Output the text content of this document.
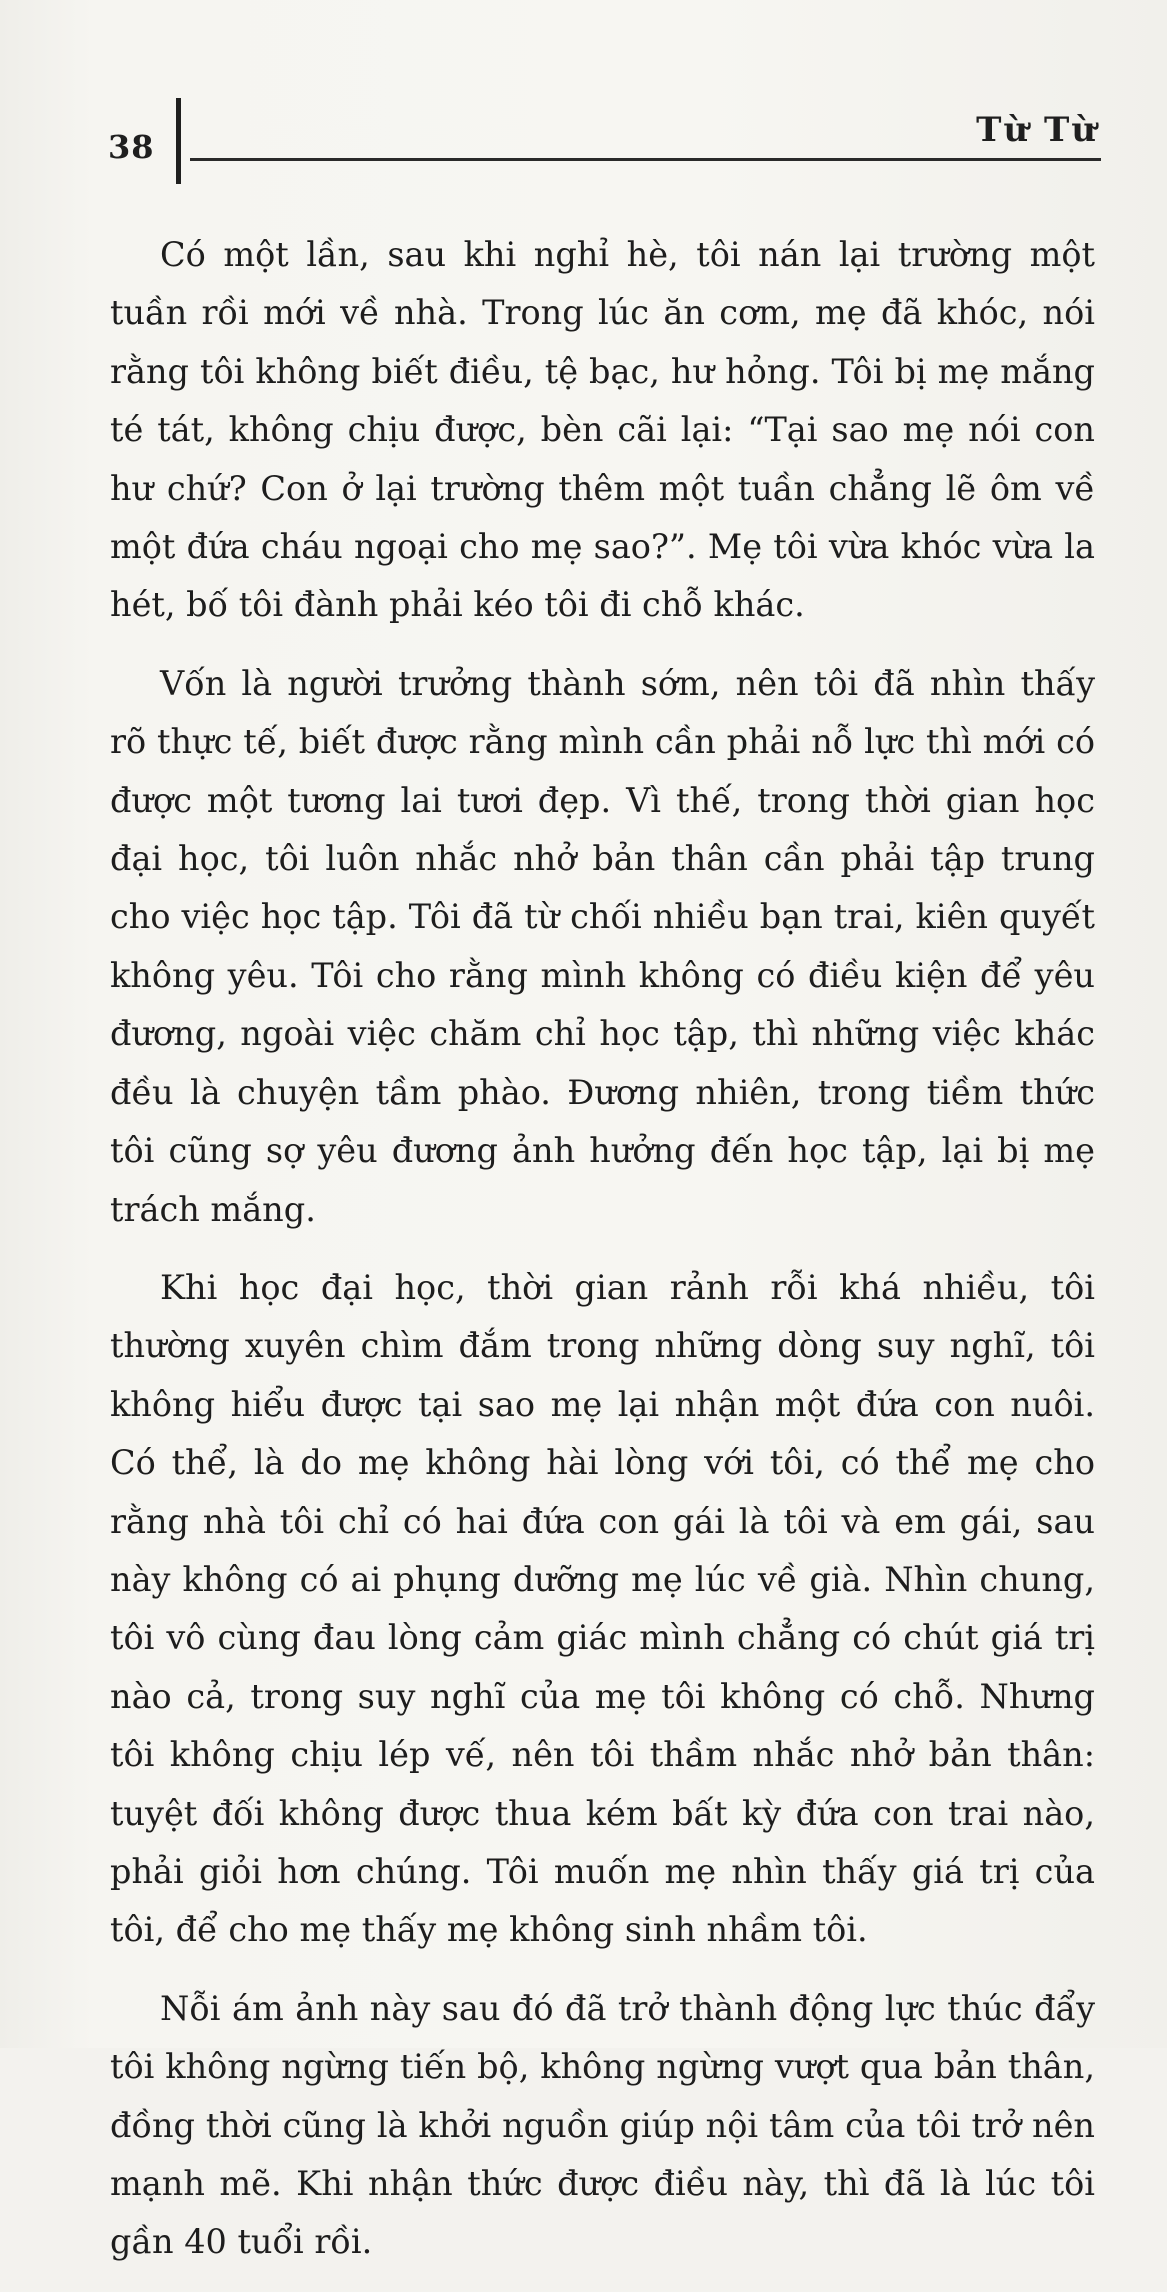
38	Từ Từ

Có một lần, sau khi nghỉ hè, tôi nán lại trường một tuần rồi mới về nhà. Trong lúc ăn cơm, mẹ đã khóc, nói rằng tôi không biết điều, tệ bạc, hư hỏng. Tôi bị mẹ mắng té tát, không chịu được, bèn cãi lại: “Tại sao mẹ nói con hư chứ? Con ở lại trường thêm một tuần chẳng lẽ ôm về một đứa cháu ngoại cho mẹ sao?”. Mẹ tôi vừa khóc vừa la hét, bố tôi đành phải kéo tôi đi chỗ khác.

Vốn là người trưởng thành sớm, nên tôi đã nhìn thấy rõ thực tế, biết được rằng mình cần phải nỗ lực thì mới có được một tương lai tươi đẹp. Vì thế, trong thời gian học đại học, tôi luôn nhắc nhở bản thân cần phải tập trung cho việc học tập. Tôi đã từ chối nhiều bạn trai, kiên quyết không yêu. Tôi cho rằng mình không có điều kiện để yêu đương, ngoài việc chăm chỉ học tập, thì những việc khác đều là chuyện tầm phào. Đương nhiên, trong tiềm thức tôi cũng sợ yêu đương ảnh hưởng đến học tập, lại bị mẹ trách mắng.

Khi học đại học, thời gian rảnh rỗi khá nhiều, tôi thường xuyên chìm đắm trong những dòng suy nghĩ, tôi không hiểu được tại sao mẹ lại nhận một đứa con nuôi. Có thể, là do mẹ không hài lòng với tôi, có thể mẹ cho rằng nhà tôi chỉ có hai đứa con gái là tôi và em gái, sau này không có ai phụng dưỡng mẹ lúc về già. Nhìn chung, tôi vô cùng đau lòng cảm giác mình chẳng có chút giá trị nào cả, trong suy nghĩ của mẹ tôi không có chỗ. Nhưng tôi không chịu lép vế, nên tôi thầm nhắc nhở bản thân: tuyệt đối không được thua kém bất kỳ đứa con trai nào, phải giỏi hơn chúng. Tôi muốn mẹ nhìn thấy giá trị của tôi, để cho mẹ thấy mẹ không sinh nhầm tôi.

Nỗi ám ảnh này sau đó đã trở thành động lực thúc đẩy tôi không ngừng tiến bộ, không ngừng vượt qua bản thân, đồng thời cũng là khởi nguồn giúp nội tâm của tôi trở nên mạnh mẽ. Khi nhận thức được điều này, thì đã là lúc tôi gần 40 tuổi rồi.
